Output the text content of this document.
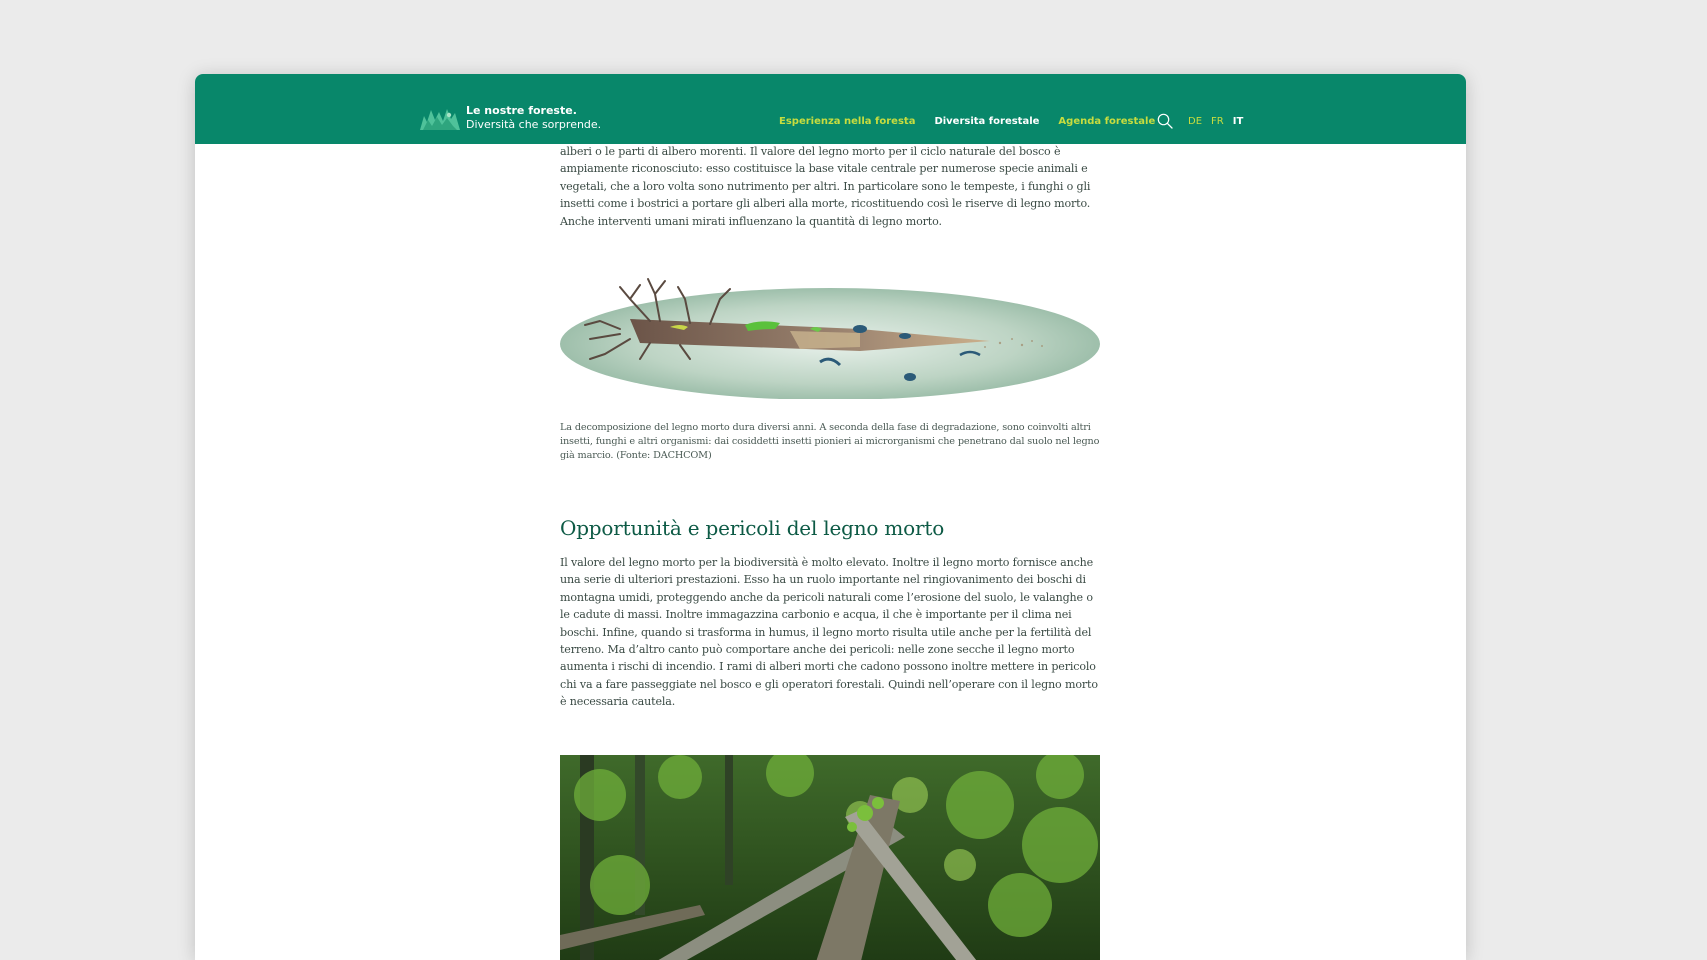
Le nostre foreste.
Diversità che sorprende.	Esperienza nella foresta Diversita forestale Agenda forestale	DE FR IT

alberi o le parti di albero morenti. Il valore del legno morto per il ciclo naturale del bosco è ampiamente riconosciuto: esso costituisce la base vitale centrale per numerose specie animali e vegetali, che a loro volta sono nutrimento per altri. In particolare sono le tempeste, i funghi o gli insetti come i bostrici a portare gli alberi alla morte, ricostituendo così le riserve di legno morto. Anche interventi umani mirati influenzano la quantità di legno morto.

La decomposizione del legno morto dura diversi anni. A seconda della fase di degradazione, sono coinvolti altri insetti, funghi e altri organismi: dai cosiddetti insetti pionieri ai microrganismi che penetrano dal suolo nel legno già marcio. (Fonte: DACHCOM)

Opportunità e pericoli del legno morto

Il valore del legno morto per la biodiversità è molto elevato. Inoltre il legno morto fornisce anche una serie di ulteriori prestazioni. Esso ha un ruolo importante nel ringiovanimento dei boschi di montagna umidi, proteggendo anche da pericoli naturali come l’erosione del suolo, le valanghe o le cadute di massi. Inoltre immagazzina carbonio e acqua, il che è importante per il clima nei boschi. Infine, quando si trasforma in humus, il legno morto risulta utile anche per la fertilità del terreno. Ma d’altro canto può comportare anche dei pericoli: nelle zone secche il legno morto aumenta i rischi di incendio. I rami di alberi morti che cadono possono inoltre mettere in pericolo chi va a fare passeggiate nel bosco e gli operatori forestali. Quindi nell’operare con il legno morto è necessaria cautela.
